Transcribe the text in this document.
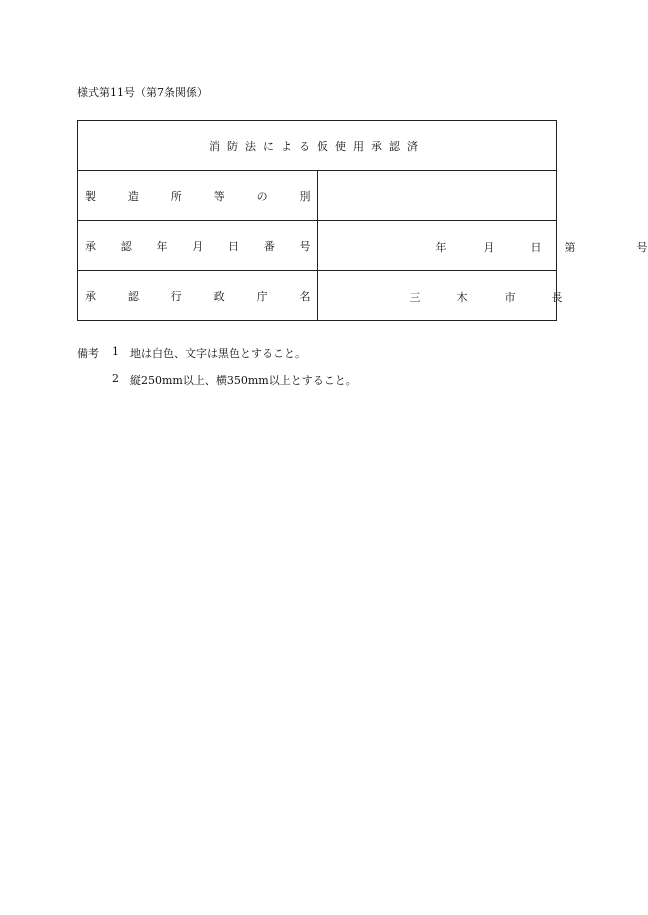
様式第11号（第7条関係）
消防法による仮使用承認済	
製造所等の別	
承認年月日番号	年 月 日 第 号

承認行政庁名	三 木 市 長
備考 1 地は白色、文字は黒色とすること。
2 縦250mm以上、横350mm以上とすること。
